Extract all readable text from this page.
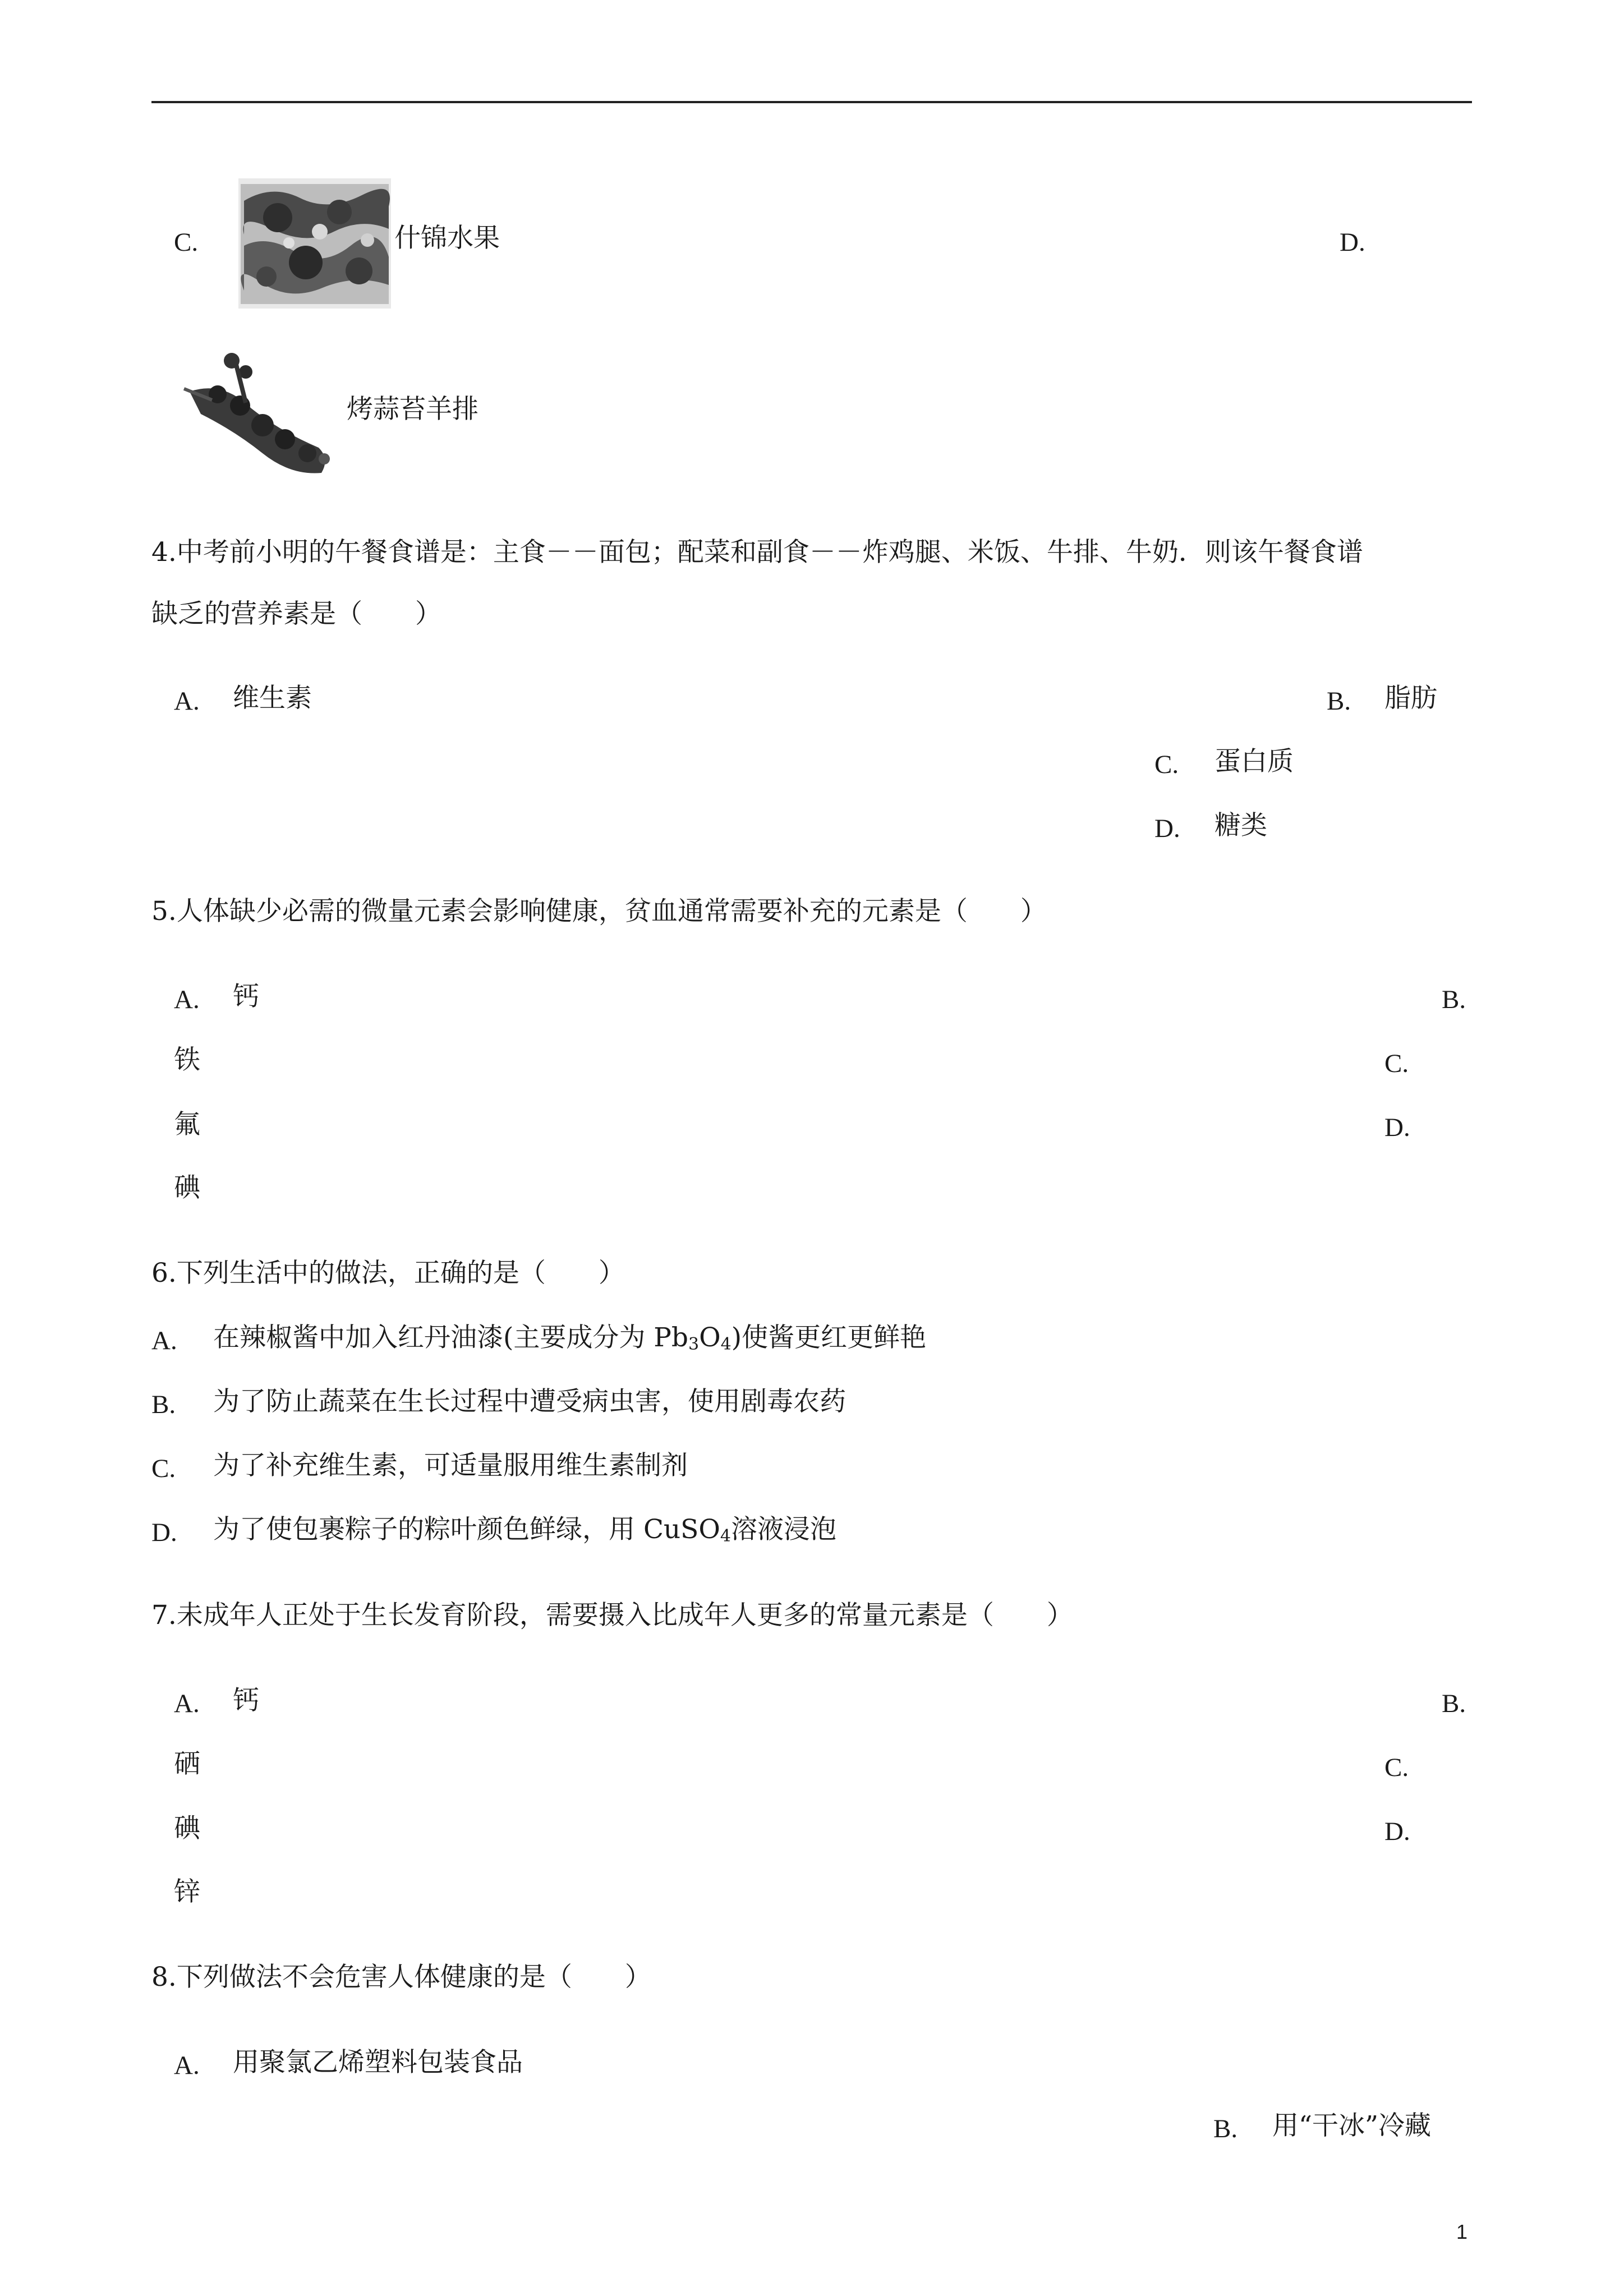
C.	什锦水果	D.
烤蒜苔羊排
4.中考前小明的午餐食谱是：主食－－面包；配菜和副食－－炸鸡腿、米饭、牛排、牛奶．则该午餐食谱
缺乏的营养素是（　　）
A. 维生素	B. 脂肪
C. 蛋白质
D. 糖类
5.人体缺少必需的微量元素会影响健康，贫血通常需要补充的元素是（　　）
A. 钙	B.
铁	C.
氟	D.
碘
6.下列生活中的做法，正确的是（　　）
A. 在辣椒酱中加入红丹油漆(主要成分为 $Pb_3O_4$)使酱更红更鲜艳
B. 为了防止蔬菜在生长过程中遭受病虫害，使用剧毒农药
C. 为了补充维生素，可适量服用维生素制剂
D. 为了使包裹粽子的粽叶颜色鲜绿，用 CuSO$_4$溶液浸泡
7.未成年人正处于生长发育阶段，需要摄入比成年人更多的常量元素是（　　）
A. 钙	B.
硒	C.
碘	D.
锌
8.下列做法不会危害人体健康的是（　　）
A. 用聚氯乙烯塑料包装食品
B. 用“干冰”冷藏
1
